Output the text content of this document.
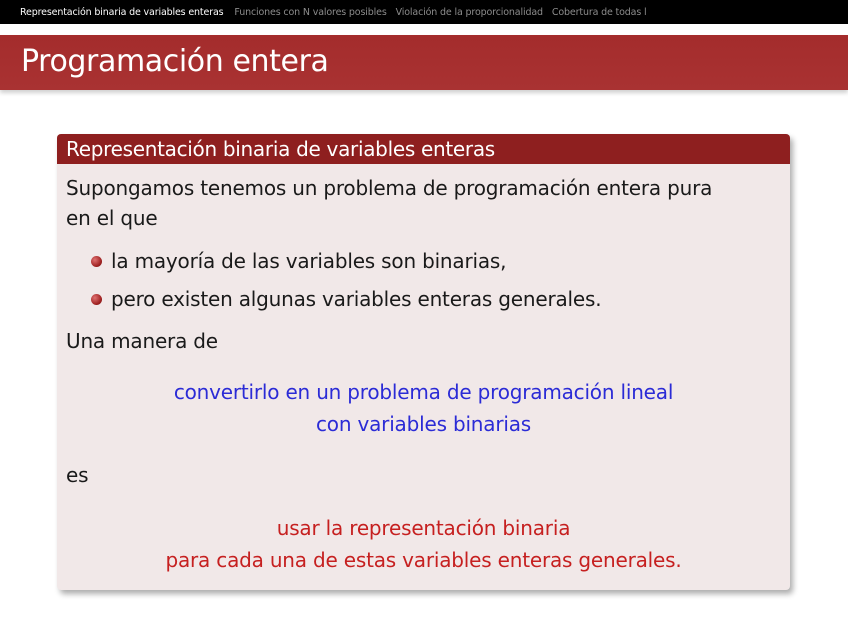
Representación binaria de variables enteras Funciones con N valores posibles Violación de la proporcionalidad Cobertura de todas l
Programación entera
Representación binaria de variables enteras

Supongamos tenemos un problema de programación entera pura

en el que

la mayoría de las variables son binarias,
pero existen algunas variables enteras generales.

Una manera de

convertirlo en un problema de programación lineal

con variables binarias

es

usar la representación binaria

para cada una de estas variables enteras generales.
